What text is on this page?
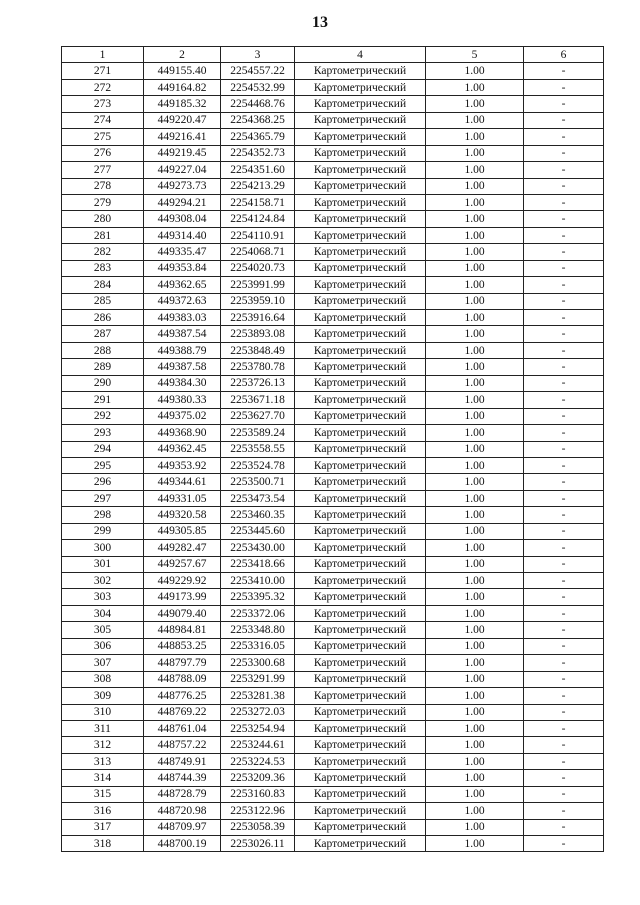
13
1	2	3	4	5	6
271	449155.40	2254557.22	Картометрический	1.00	-
272	449164.82	2254532.99	Картометрический	1.00	-
273	449185.32	2254468.76	Картометрический	1.00	-
274	449220.47	2254368.25	Картометрический	1.00	-
275	449216.41	2254365.79	Картометрический	1.00	-
276	449219.45	2254352.73	Картометрический	1.00	-
277	449227.04	2254351.60	Картометрический	1.00	-
278	449273.73	2254213.29	Картометрический	1.00	-
279	449294.21	2254158.71	Картометрический	1.00	-
280	449308.04	2254124.84	Картометрический	1.00	-
281	449314.40	2254110.91	Картометрический	1.00	-
282	449335.47	2254068.71	Картометрический	1.00	-
283	449353.84	2254020.73	Картометрический	1.00	-
284	449362.65	2253991.99	Картометрический	1.00	-
285	449372.63	2253959.10	Картометрический	1.00	-
286	449383.03	2253916.64	Картометрический	1.00	-
287	449387.54	2253893.08	Картометрический	1.00	-
288	449388.79	2253848.49	Картометрический	1.00	-
289	449387.58	2253780.78	Картометрический	1.00	-
290	449384.30	2253726.13	Картометрический	1.00	-
291	449380.33	2253671.18	Картометрический	1.00	-
292	449375.02	2253627.70	Картометрический	1.00	-
293	449368.90	2253589.24	Картометрический	1.00	-
294	449362.45	2253558.55	Картометрический	1.00	-
295	449353.92	2253524.78	Картометрический	1.00	-
296	449344.61	2253500.71	Картометрический	1.00	-
297	449331.05	2253473.54	Картометрический	1.00	-
298	449320.58	2253460.35	Картометрический	1.00	-
299	449305.85	2253445.60	Картометрический	1.00	-
300	449282.47	2253430.00	Картометрический	1.00	-
301	449257.67	2253418.66	Картометрический	1.00	-
302	449229.92	2253410.00	Картометрический	1.00	-
303	449173.99	2253395.32	Картометрический	1.00	-
304	449079.40	2253372.06	Картометрический	1.00	-
305	448984.81	2253348.80	Картометрический	1.00	-
306	448853.25	2253316.05	Картометрический	1.00	-
307	448797.79	2253300.68	Картометрический	1.00	-
308	448788.09	2253291.99	Картометрический	1.00	-
309	448776.25	2253281.38	Картометрический	1.00	-
310	448769.22	2253272.03	Картометрический	1.00	-
311	448761.04	2253254.94	Картометрический	1.00	-
312	448757.22	2253244.61	Картометрический	1.00	-
313	448749.91	2253224.53	Картометрический	1.00	-
314	448744.39	2253209.36	Картометрический	1.00	-
315	448728.79	2253160.83	Картометрический	1.00	-
316	448720.98	2253122.96	Картометрический	1.00	-
317	448709.97	2253058.39	Картометрический	1.00	-
318	448700.19	2253026.11	Картометрический	1.00	-
